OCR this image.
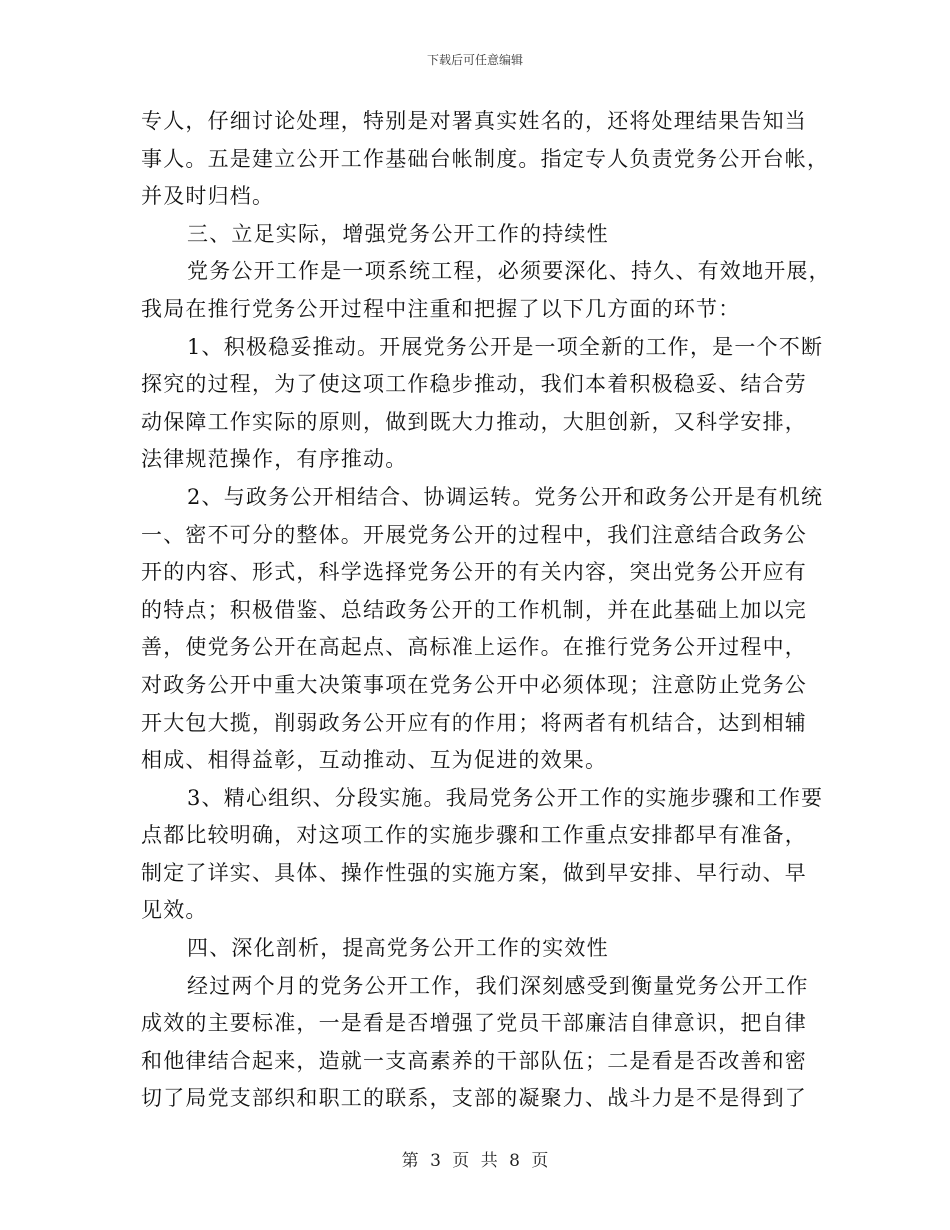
下载后可任意编辑
专人，仔细讨论处理，特别是对署真实姓名的，还将处理结果告知当
事人。五是建立公开工作基础台帐制度。指定专人负责党务公开台帐，
并及时归档。
三、立足实际，增强党务公开工作的持续性
党务公开工作是一项系统工程，必须要深化、持久、有效地开展，
我局在推行党务公开过程中注重和把握了以下几方面的环节：
1、积极稳妥推动。开展党务公开是一项全新的工作，是一个不断
探究的过程，为了使这项工作稳步推动，我们本着积极稳妥、结合劳
动保障工作实际的原则，做到既大力推动，大胆创新，又科学安排，
法律规范操作，有序推动。
2、与政务公开相结合、协调运转。党务公开和政务公开是有机统
一、密不可分的整体。开展党务公开的过程中，我们注意结合政务公
开的内容、形式，科学选择党务公开的有关内容，突出党务公开应有
的特点；积极借鉴、总结政务公开的工作机制，并在此基础上加以完
善，使党务公开在高起点、高标准上运作。在推行党务公开过程中，
对政务公开中重大决策事项在党务公开中必须体现；注意防止党务公
开大包大揽，削弱政务公开应有的作用；将两者有机结合，达到相辅
相成、相得益彰，互动推动、互为促进的效果。
3、精心组织、分段实施。我局党务公开工作的实施步骤和工作要
点都比较明确，对这项工作的实施步骤和工作重点安排都早有准备，
制定了详实、具体、操作性强的实施方案，做到早安排、早行动、早
见效。
四、深化剖析，提高党务公开工作的实效性
经过两个月的党务公开工作，我们深刻感受到衡量党务公开工作
成效的主要标准，一是看是否增强了党员干部廉洁自律意识，把自律
和他律结合起来，造就一支高素养的干部队伍；二是看是否改善和密
切了局党支部织和职工的联系，支部的凝聚力、战斗力是不是得到了
第 3 页 共 8 页
